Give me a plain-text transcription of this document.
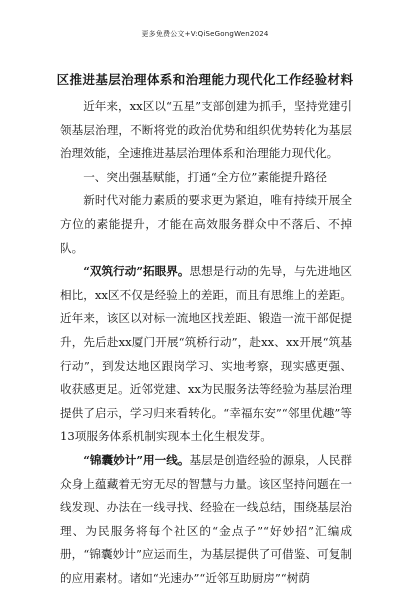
更多免费公文+V:QiSeGongWen2024
区推进基层治理体系和治理能力现代化工作经验材料

近年来，xx区以“五星”支部创建为抓手，坚持党建引领基层治理，不断将党的政治优势和组织优势转化为基层治理效能，全速推进基层治理体系和治理能力现代化。

一、突出强基赋能，打通“全方位”素能提升路径

新时代对能力素质的要求更为紧迫，唯有持续开展全方位的素能提升，才能在高效服务群众中不落后、不掉队。

“双筑行动”拓眼界。思想是行动的先导，与先进地区相比，xx区不仅是经验上的差距，而且有思维上的差距。近年来，该区以对标一流地区找差距、锻造一流干部促提升，先后赴xx厦门开展“筑桥行动”，赴xx、xx开展“筑基行动”，到发达地区跟岗学习、实地考察，现实感更强、收获感更足。近邻党建、xx为民服务法等经验为基层治理提供了启示，学习归来看转化。“幸福东安”“邻里优趣”等13项服务体系机制实现本土化生根发芽。

“锦囊妙计”用一线。基层是创造经验的源泉，人民群众身上蕴藏着无穷无尽的智慧与力量。该区坚持问题在一线发现、办法在一线寻找、经验在一线总结，围绕基层治理、为民服务将每个社区的“金点子”“好妙招”汇编成册，“锦囊妙计”应运而生，为基层提供了可借鉴、可复制的应用素材。诸如“光速办”“近邻互助厨房”“树荫
